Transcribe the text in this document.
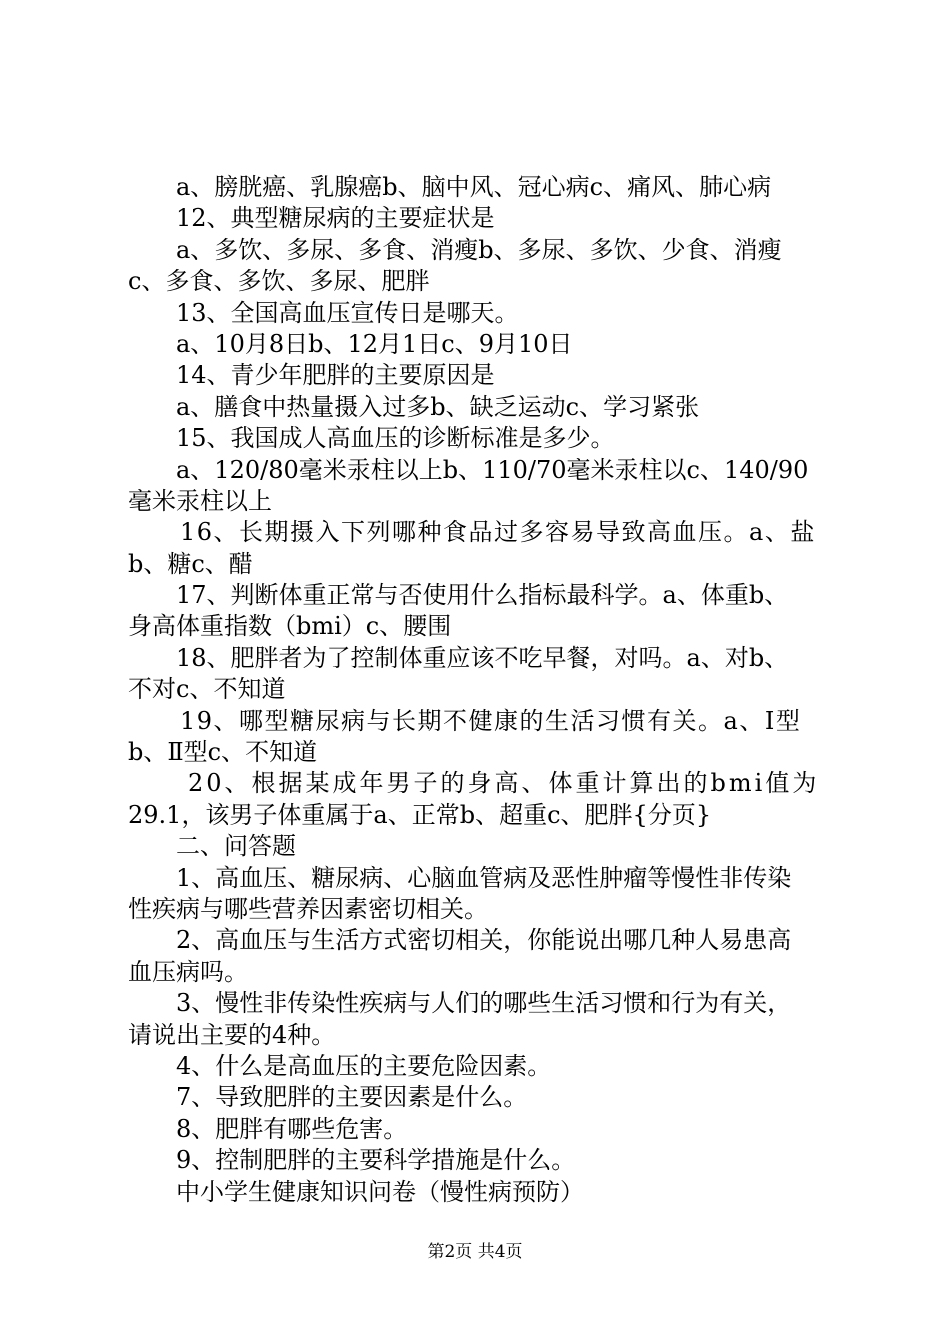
a、膀胱癌、乳腺癌b、脑中风、冠心病c、痛风、肺心病
12、典型糖尿病的主要症状是
a、多饮、多尿、多食、消瘦b、多尿、多饮、少食、消瘦
c、多食、多饮、多尿、肥胖
13、全国高血压宣传日是哪天。
a、10月8日b、12月1日c、9月10日
14、青少年肥胖的主要原因是
a、膳食中热量摄入过多b、缺乏运动c、学习紧张
15、我国成人高血压的诊断标准是多少。
a、120/80毫米汞柱以上b、110/70毫米汞柱以c、140/90
毫米汞柱以上
16、长期摄入下列哪种食品过多容易导致高血压。a、盐
b、糖c、醋
17、判断体重正常与否使用什么指标最科学。a、体重b、
身高体重指数（bmi）c、腰围
18、肥胖者为了控制体重应该不吃早餐，对吗。a、对b、
不对c、不知道
19、哪型糖尿病与长期不健康的生活习惯有关。a、Ⅰ型
b、Ⅱ型c、不知道
20、根据某成年男子的身高、体重计算出的bmi值为
29.1，该男子体重属于a、正常b、超重c、肥胖{分页}
二、问答题
1、高血压、糖尿病、心脑血管病及恶性肿瘤等慢性非传染
性疾病与哪些营养因素密切相关。
2、高血压与生活方式密切相关，你能说出哪几种人易患高
血压病吗。
3、慢性非传染性疾病与人们的哪些生活习惯和行为有关，
请说出主要的4种。
4、什么是高血压的主要危险因素。
7、导致肥胖的主要因素是什么。
8、肥胖有哪些危害。
9、控制肥胖的主要科学措施是什么。
中小学生健康知识问卷（慢性病预防）
第2页 共4页
